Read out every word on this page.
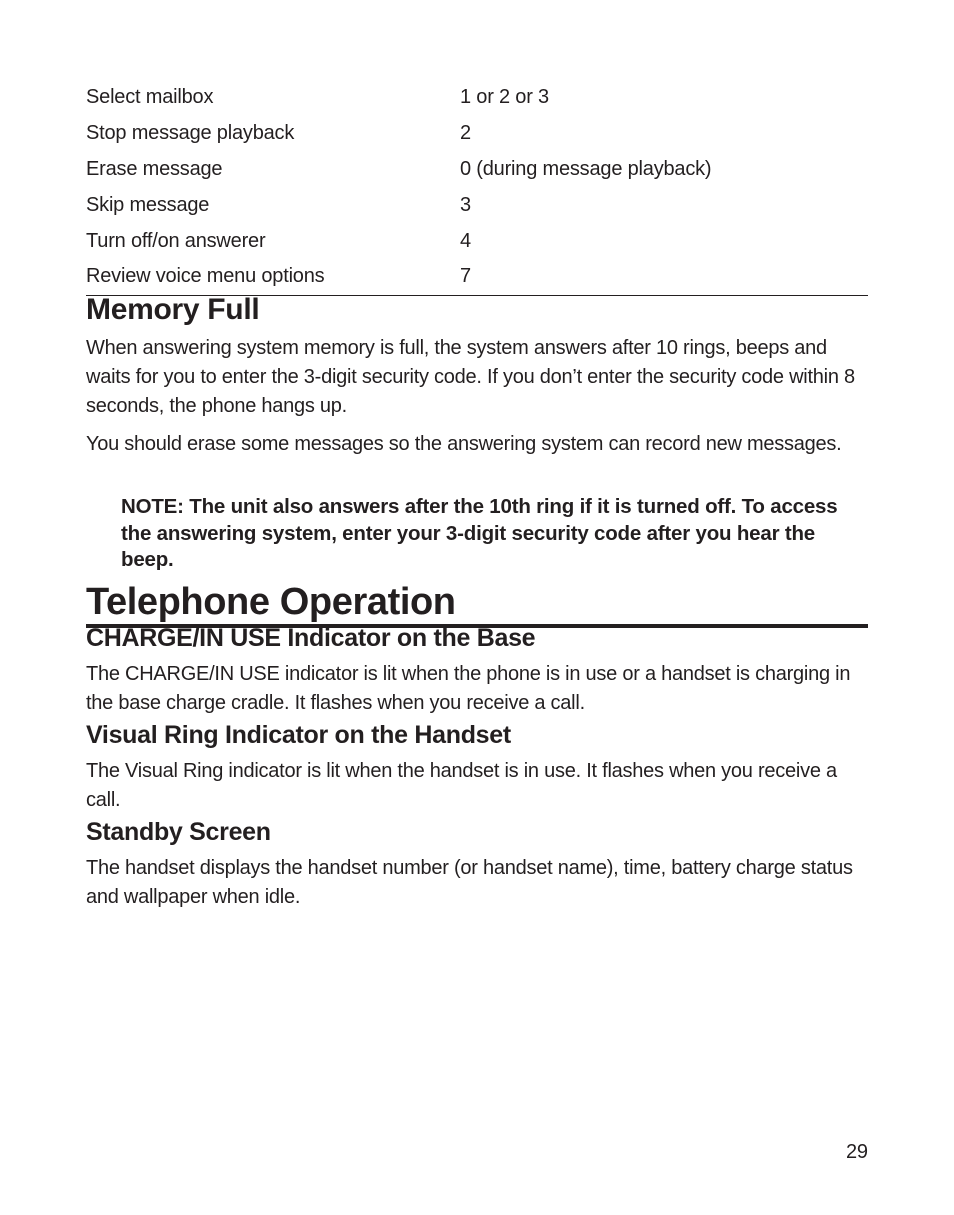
Select mailbox	1 or 2 or 3
Stop message playback	2
Erase message	0 (during message playback)
Skip message	3
Turn off/on answerer	4
Review voice menu options	7
Memory Full

When answering system memory is full, the system answers after 10 rings, beeps and waits for you to enter the 3-digit security code. If you don’t enter the security code within 8 seconds, the phone hangs up.

You should erase some messages so the answering system can record new messages.

NOTE: The unit also answers after the 10th ring if it is turned off. To access the answering system, enter your 3-digit security code after you hear the beep.

Telephone Operation
CHARGE/IN USE Indicator on the Base

The CHARGE/IN USE indicator is lit when the phone is in use or a handset is charging in the base charge cradle. It flashes when you receive a call.

Visual Ring Indicator on the Handset

The Visual Ring indicator is lit when the handset is in use. It flashes when you receive a call.

Standby Screen

The handset displays the handset number (or handset name), time, battery charge status and wallpaper when idle.

29
